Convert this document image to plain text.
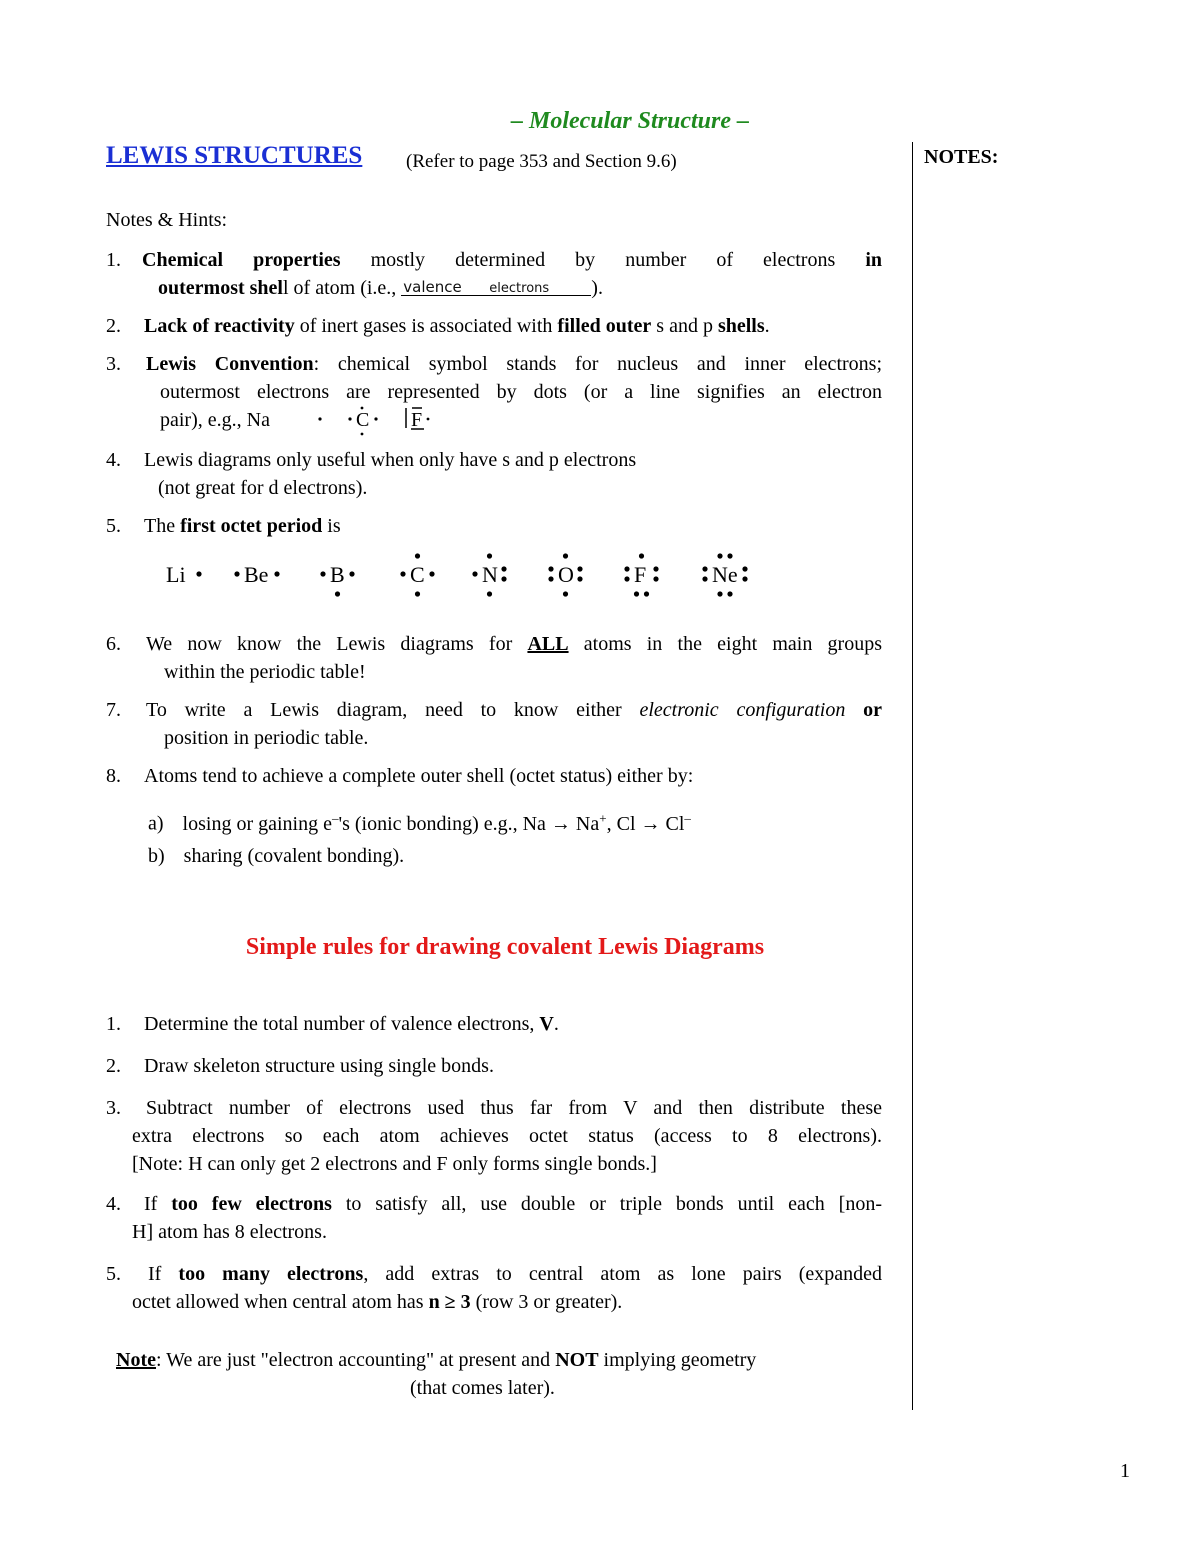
– Molecular Structure –
LEWIS STRUCTURES (Refer to page 353 and Section 9.6)	NOTES:
Notes & Hints:
1.	Chemical properties mostly determined by number of electrons in
outermost shell of atom (i.e., valence electrons ).
2.	Lack of reactivity of inert gases is associated with filled outer s and p shells.
3.	Lewis Convention: chemical symbol stands for nucleus and inner electrons;
outermost electrons are represented by dots (or a line signifies an electron
pair), e.g., Na	C F
4.	Lewis diagrams only useful when only have s and p electrons
(not great for d electrons).
5.	The first octet period is
Li	Be	B	C	N	O	F	Ne
6.	We now know the Lewis diagrams for ALL atoms in the eight main groups
within the periodic table!
7.	To write a Lewis diagram, need to know either electronic configuration or
position in periodic table.
8.	Atoms tend to achieve a complete outer shell (octet status) either by:
a) losing or gaining e–'s (ionic bonding) e.g., Na → Na+, Cl → Cl–
b) sharing (covalent bonding).
Simple rules for drawing covalent Lewis Diagrams
1.	Determine the total number of valence electrons, V.
2.	Draw skeleton structure using single bonds.
3.	Subtract number of electrons used thus far from V and then distribute these
extra electrons so each atom achieves octet status (access to 8 electrons).
[Note: H can only get 2 electrons and F only forms single bonds.]
4.	If too few electrons to satisfy all, use double or triple bonds until each [non-
H] atom has 8 electrons.
5.	If too many electrons, add extras to central atom as lone pairs (expanded
octet allowed when central atom has n ≥ 3 (row 3 or greater).
Note: We are just "electron accounting" at present and NOT implying geometry
(that comes later).
1
